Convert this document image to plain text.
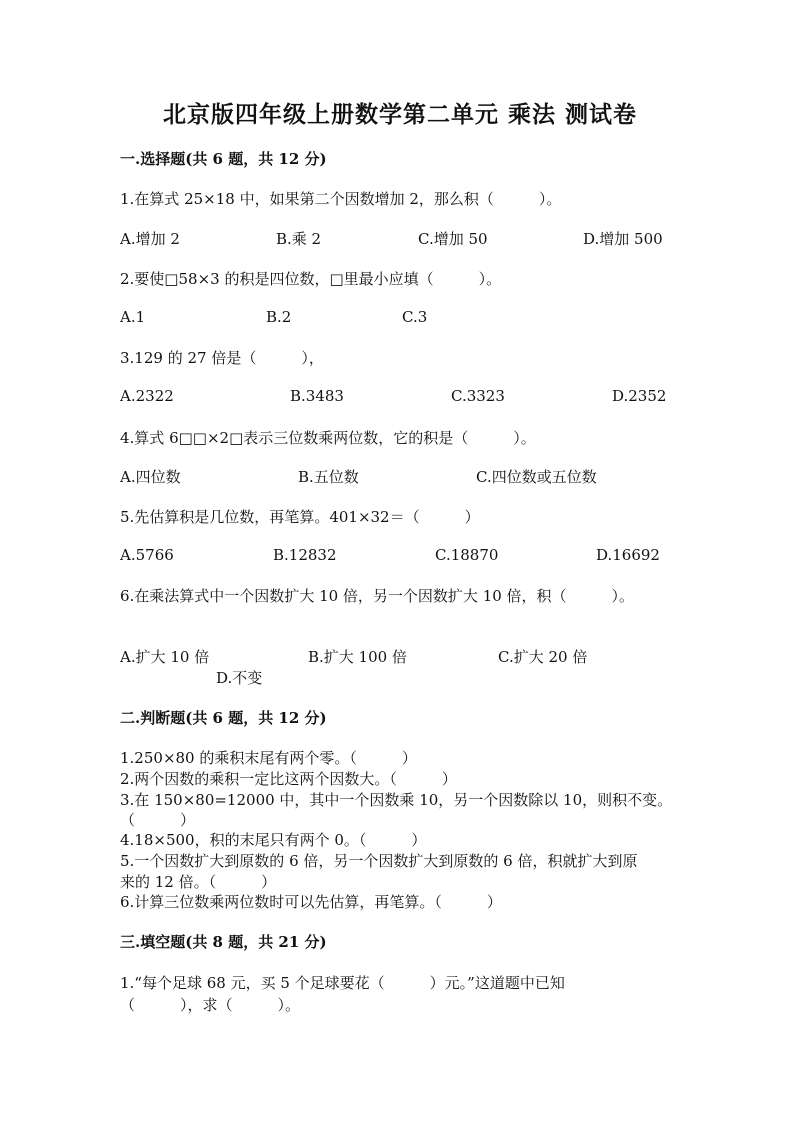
北京版四年级上册数学第二单元 乘法 测试卷
一.选择题(共 6 题，共 12 分)
1.在算式 25×18 中，如果第二个因数增加 2，那么积（　　　）。
A.增加 2	B.乘 2	C.增加 50	D.增加 500
2.要使□58×3 的积是四位数，□里最小应填（　　　）。
A.1	B.2	C.3
3.129 的 27 倍是（　　　），
A.2322	B.3483	C.3323	D.2352
4.算式 6□□×2□表示三位数乘两位数，它的积是（　　　）。
A.四位数	B.五位数	C.四位数或五位数
5.先估算积是几位数，再笔算。401×32＝（　　　）
A.5766	B.12832	C.18870	D.16692
6.在乘法算式中一个因数扩大 10 倍，另一个因数扩大 10 倍，积（　　　）。
A.扩大 10 倍	B.扩大 100 倍	C.扩大 20 倍
D.不变
二.判断题(共 6 题，共 12 分)
1.250×80 的乘积末尾有两个零。（　　　）
2.两个因数的乘积一定比这两个因数大。（　　　）
3.在 150×80=12000 中，其中一个因数乘 10，另一个因数除以 10，则积不变。
（　　　）
4.18×500，积的末尾只有两个 0。（　　　）
5.一个因数扩大到原数的 6 倍，另一个因数扩大到原数的 6 倍，积就扩大到原
来的 12 倍。（　　　）
6.计算三位数乘两位数时可以先估算，再笔算。（　　　）
三.填空题(共 8 题，共 21 分)
1.“每个足球 68 元，买 5 个足球要花（　　　）元。”这道题中已知
（　　　），求（　　　）。
